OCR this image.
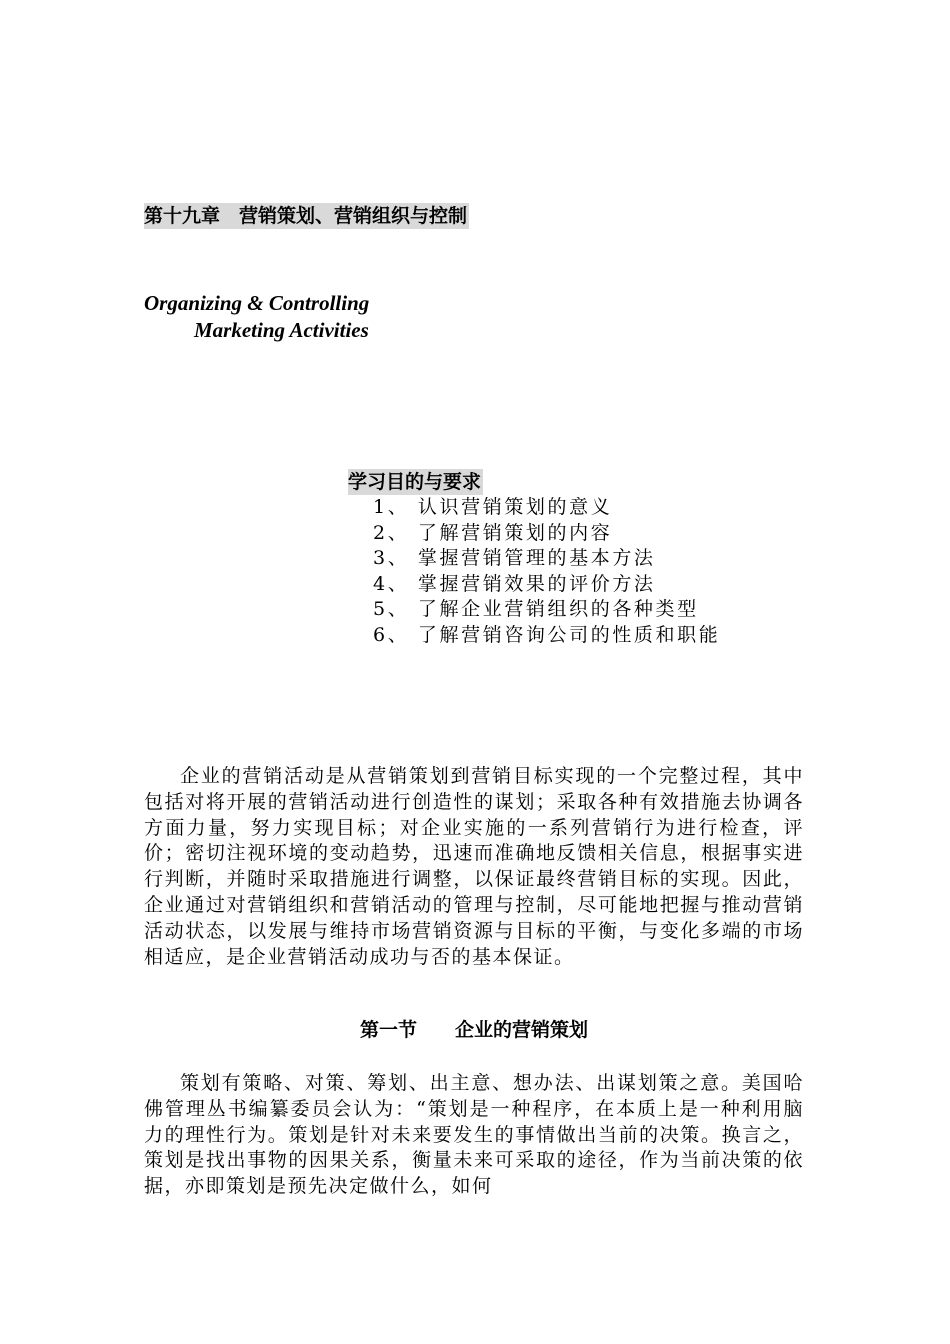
第十九章　营销策划、营销组织与控制
Organizing & Controlling
Marketing Activities
学习目的与要求
1、 认识营销策划的意义
2、 了解营销策划的内容
3、 掌握营销管理的基本方法
4、 掌握营销效果的评价方法
5、 了解企业营销组织的各种类型
6、 了解营销咨询公司的性质和职能

企业的营销活动是从营销策划到营销目标实现的一个完整过程，其中包括对将开展的营销活动进行创造性的谋划；采取各种有效措施去协调各方面力量，努力实现目标；对企业实施的一系列营销行为进行检查，评价；密切注视环境的变动趋势，迅速而准确地反馈相关信息，根据事实进行判断，并随时采取措施进行调整，以保证最终营销目标的实现。因此，企业通过对营销组织和营销活动的管理与控制，尽可能地把握与推动营销活动状态，以发展与维持市场营销资源与目标的平衡，与变化多端的市场相适应，是企业营销活动成功与否的基本保证。

第一节　　企业的营销策划

策划有策略、对策、筹划、出主意、想办法、出谋划策之意。美国哈佛管理丛书编纂委员会认为：“策划是一种程序，在本质上是一种利用脑力的理性行为。策划是针对未来要发生的事情做出当前的决策。换言之，策划是找出事物的因果关系，衡量未来可采取的途径，作为当前决策的依据，亦即策划是预先决定做什么，如何
